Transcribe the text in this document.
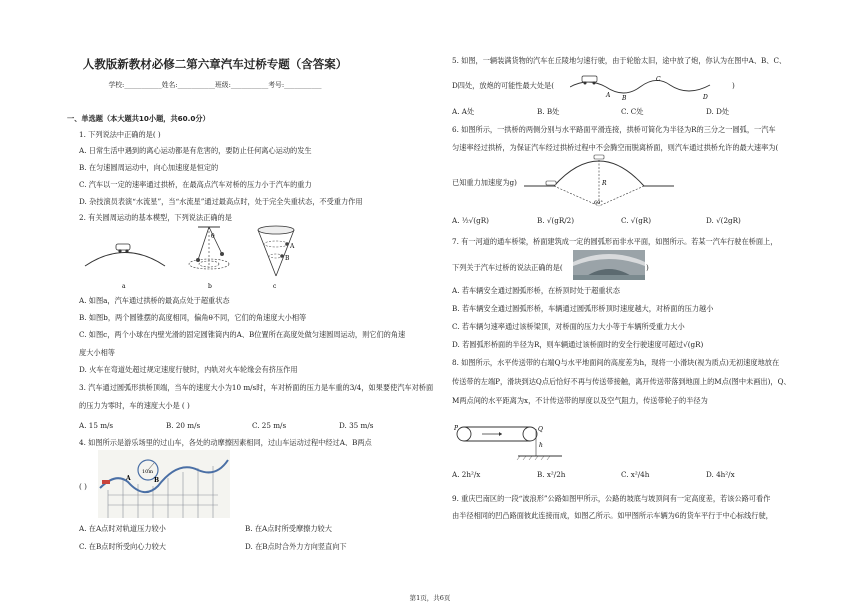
人教版新教材必修二第六章汽车过桥专题（含答案）
学校:___________姓名:___________班级:___________考号:___________
一、单选题（本大题共10小题，共60.0分）
1. 下列说法中正确的是( )
A. 日常生活中遇到的离心运动都是有危害的，要防止任何离心运动的发生
B. 在匀速圆周运动中，向心加速度是恒定的
C. 汽车以一定的速率通过拱桥，在最高点汽车对桥的压力小于汽车的重力
D. 杂技演员表演“水流星”，当“水流星”通过最高点时，处于完全失重状态，不受重力作用
2. 有关圆周运动的基本模型，下列说法正确的是
a
θ
b
A
B
c
A. 如图a，汽车通过拱桥的最高点处于超重状态
B. 如图b，两个圆锥摆的高度相同，偏角θ不同，它们的角速度大小相等
C. 如图c，两个小球在内壁光滑的固定圆锥筒内的A、B位置所在高度处做匀速圆周运动，则它们的角速
度大小相等
D. 火车在弯道处超过规定速度行驶时，内轨对火车轮缘会有挤压作用
3. 汽车通过圆弧形拱桥顶端，当车的速度大小为10 m/s时，车对桥面的压力是车重的3/4，如果要使汽车对桥面
的压力为零时，车的速度大小是 ( )
A. 15 m/s	B. 20 m/s	C. 25 m/s	D. 35 m/s
4. 如图所示是游乐场里的过山车，各处的动摩擦因素相同，过山车运动过程中经过A、B两点
( )
10m
A	B
A. 在A点时对轨道压力较小	B. 在A点时所受摩擦力较大
C. 在B点时所受向心力较大	D. 在B点时合外力方向竖直向下
5. 如图，一辆装满货物的汽车在丘陵地匀速行驶，由于轮胎太旧，途中放了炮，你认为在图中A、B、C、
D四处，放炮的可能性最大处是(
A B
C
D
)
A. A处	B. B处	C. C处	D. D处
6. 如图所示，一拱桥的两侧分别与水平路面平滑连接，拱桥可简化为半径为R的三分之一圆弧，一汽车
匀速率经过拱桥，为保证汽车经过拱桥过程中不会腾空而脱离桥面，则汽车通过拱桥允许的最大速率为(
已知重力加速度为g)	R
60°
A. ½√(gR)	B. √(gR/2)	C. √(gR)	D. √(2gR)
7. 有一河道的通车桥梁，桥面建筑成一定的圆弧形而非水平面，如图所示。若某一汽车行驶在桥面上，
下列关于汽车过桥的说法正确的是(	)
A. 若车辆安全通过圆弧形桥，在桥顶时处于超重状态
B. 若车辆安全通过圆弧形桥，车辆通过圆弧形桥顶时速度越大，对桥面的压力越小
C. 若车辆匀速率通过该桥梁顶，对桥面的压力大小等于车辆所受重力大小
D. 若圆弧形桥面的半径为R，则车辆通过该桥面时的安全行驶速度可超过√(gR)
8. 如图所示，水平传送带的右端Q与水平地面间的高度差为h，现将一小滑块(视为质点)无初速度地放在
传送带的左端P，滑块到达Q点后恰好不再与传送带接触，离开传送带落到地面上的M点(图中未画出)，Q、
M两点间的水平距离为x，不计传送带的厚度以及空气阻力，传送带轮子的半径为
P	Q
h
A. 2h²/x	B. x²/2h	C. x²/4h	D. 4h²/x
9. 重庆巴南区的一段“波浪形”公路如图甲所示，公路的坡底与坡顶间有一定高度差，若该公路可看作
由半径相同的凹凸路面彼此连接而成，如图乙所示。如甲图所示车辆为6的货车平行于中心标线行驶，
第1页，共6页
